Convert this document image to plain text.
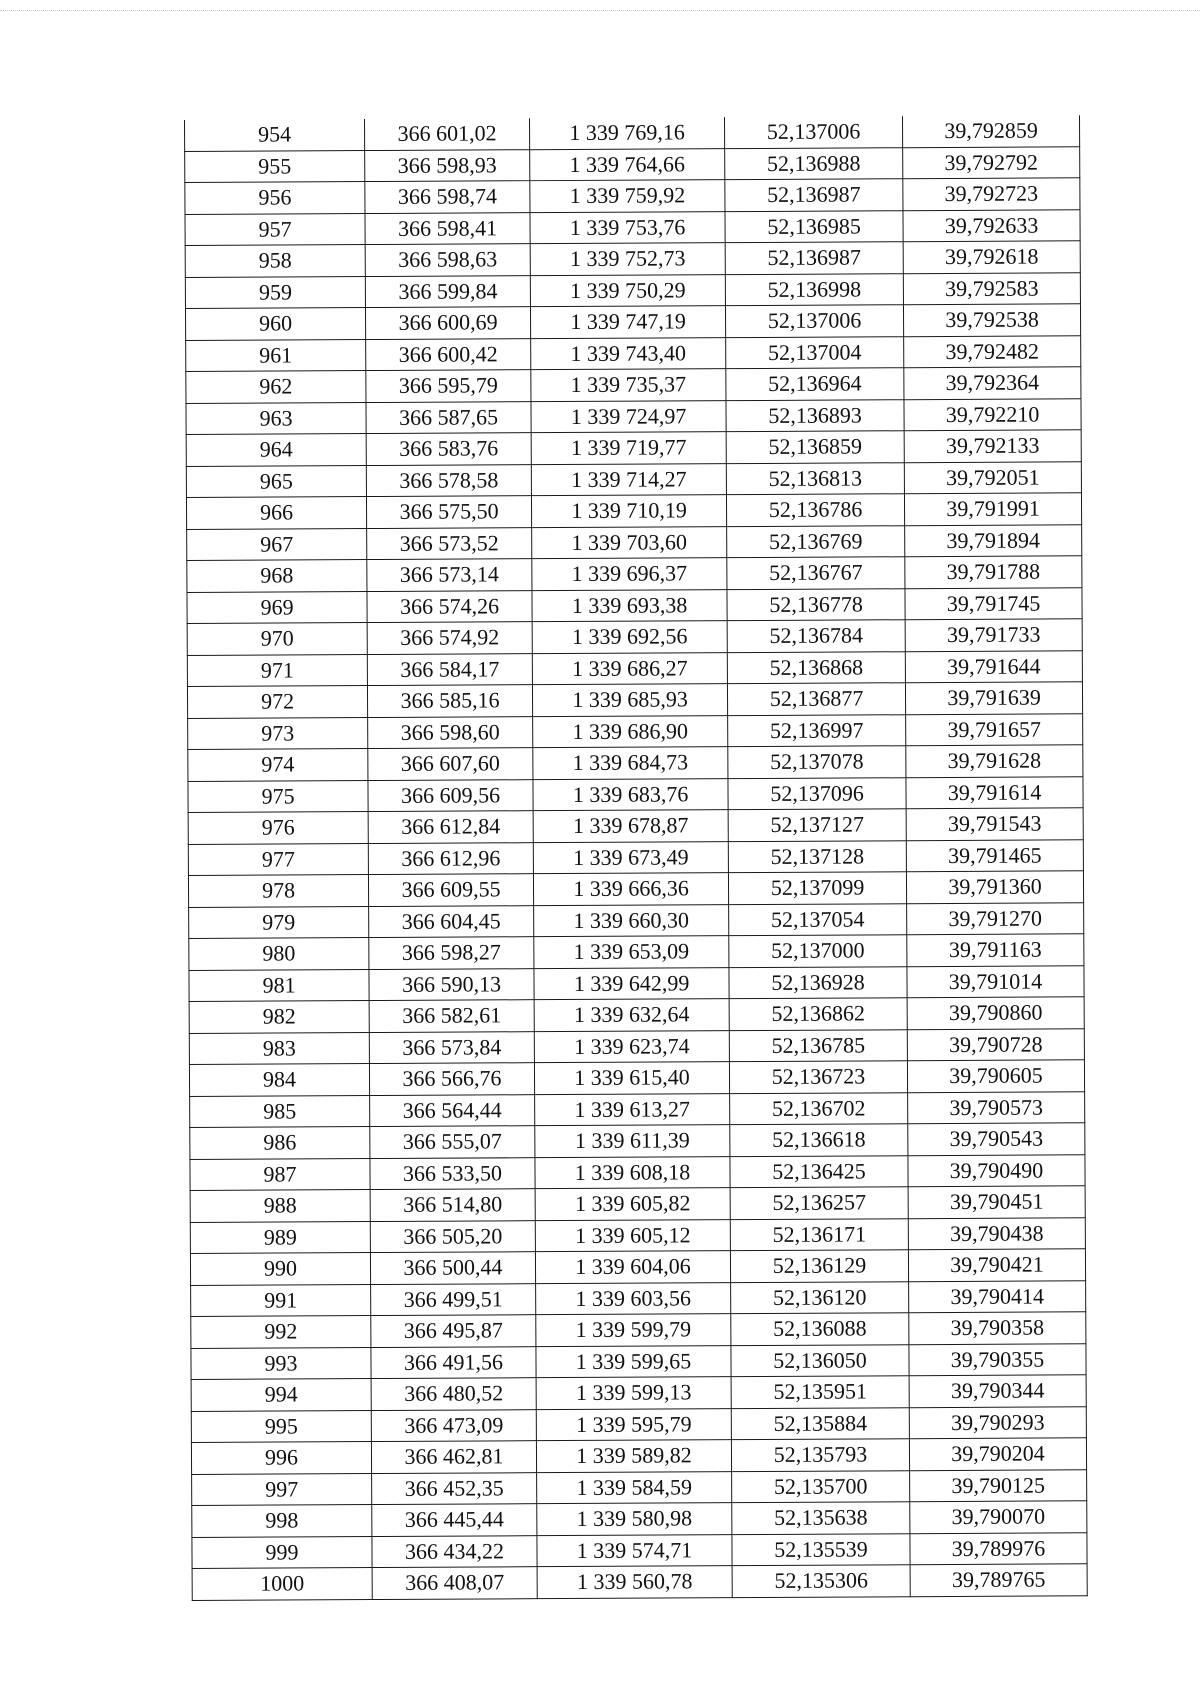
954	366 601,02	1 339 769,16	52,137006	39,792859
955	366 598,93	1 339 764,66	52,136988	39,792792
956	366 598,74	1 339 759,92	52,136987	39,792723
957	366 598,41	1 339 753,76	52,136985	39,792633
958	366 598,63	1 339 752,73	52,136987	39,792618
959	366 599,84	1 339 750,29	52,136998	39,792583
960	366 600,69	1 339 747,19	52,137006	39,792538
961	366 600,42	1 339 743,40	52,137004	39,792482
962	366 595,79	1 339 735,37	52,136964	39,792364
963	366 587,65	1 339 724,97	52,136893	39,792210
964	366 583,76	1 339 719,77	52,136859	39,792133
965	366 578,58	1 339 714,27	52,136813	39,792051
966	366 575,50	1 339 710,19	52,136786	39,791991
967	366 573,52	1 339 703,60	52,136769	39,791894
968	366 573,14	1 339 696,37	52,136767	39,791788
969	366 574,26	1 339 693,38	52,136778	39,791745
970	366 574,92	1 339 692,56	52,136784	39,791733
971	366 584,17	1 339 686,27	52,136868	39,791644
972	366 585,16	1 339 685,93	52,136877	39,791639
973	366 598,60	1 339 686,90	52,136997	39,791657
974	366 607,60	1 339 684,73	52,137078	39,791628
975	366 609,56	1 339 683,76	52,137096	39,791614
976	366 612,84	1 339 678,87	52,137127	39,791543
977	366 612,96	1 339 673,49	52,137128	39,791465
978	366 609,55	1 339 666,36	52,137099	39,791360
979	366 604,45	1 339 660,30	52,137054	39,791270
980	366 598,27	1 339 653,09	52,137000	39,791163
981	366 590,13	1 339 642,99	52,136928	39,791014
982	366 582,61	1 339 632,64	52,136862	39,790860
983	366 573,84	1 339 623,74	52,136785	39,790728
984	366 566,76	1 339 615,40	52,136723	39,790605
985	366 564,44	1 339 613,27	52,136702	39,790573
986	366 555,07	1 339 611,39	52,136618	39,790543
987	366 533,50	1 339 608,18	52,136425	39,790490
988	366 514,80	1 339 605,82	52,136257	39,790451
989	366 505,20	1 339 605,12	52,136171	39,790438
990	366 500,44	1 339 604,06	52,136129	39,790421
991	366 499,51	1 339 603,56	52,136120	39,790414
992	366 495,87	1 339 599,79	52,136088	39,790358
993	366 491,56	1 339 599,65	52,136050	39,790355
994	366 480,52	1 339 599,13	52,135951	39,790344
995	366 473,09	1 339 595,79	52,135884	39,790293
996	366 462,81	1 339 589,82	52,135793	39,790204
997	366 452,35	1 339 584,59	52,135700	39,790125
998	366 445,44	1 339 580,98	52,135638	39,790070
999	366 434,22	1 339 574,71	52,135539	39,789976
1000	366 408,07	1 339 560,78	52,135306	39,789765
